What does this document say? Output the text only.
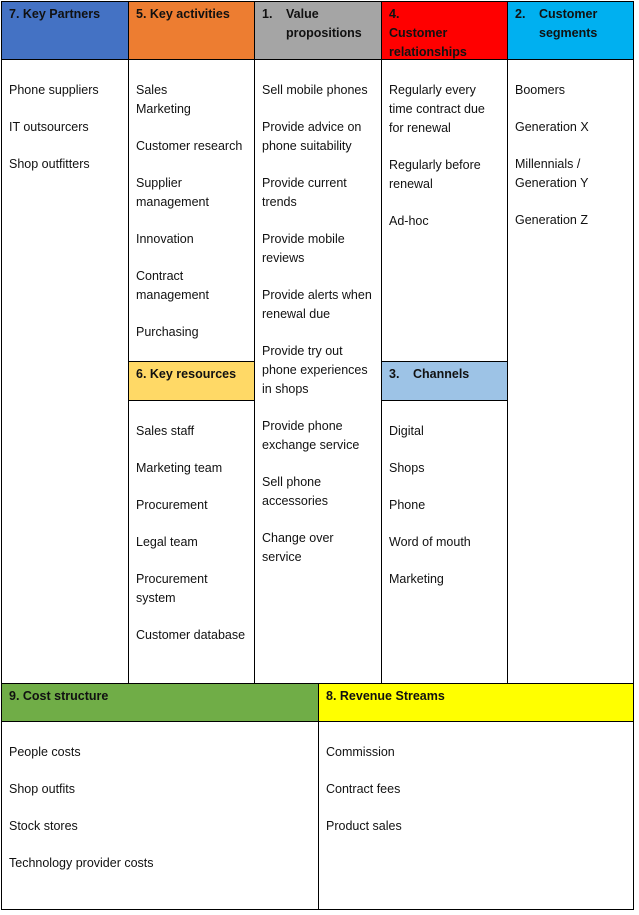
7. Key Partners	5. Key activities	1. Value propositions
4.Customer relationships
2. Customer segments
Phone suppliers
IT outsourcers
Shop outfitters
Sales
Marketing
Customer research
Supplier management
Innovation
Contract management
Purchasing
6. Key resources
Sales staff
Marketing team
Procurement
Legal team
Procurement system
Customer database
Sell mobile phones
Provide advice on phone suitability
Provide current trends
Provide mobile reviews
Provide alerts when renewal due
Provide try out phone experiences in shops
Provide phone exchange service
Sell phone accessories
Change over service
Regularly every time contract due for renewal
Regularly before renewal
Ad-hoc
3. Channels
Digital
Shops
Phone
Word of mouth
Marketing
Boomers
Generation X
Millennials / Generation Y
Generation Z
9. Cost structure
People costs
Shop outfits
Stock stores
Technology provider costs
8. Revenue Streams
Commission
Contract fees
Product sales
